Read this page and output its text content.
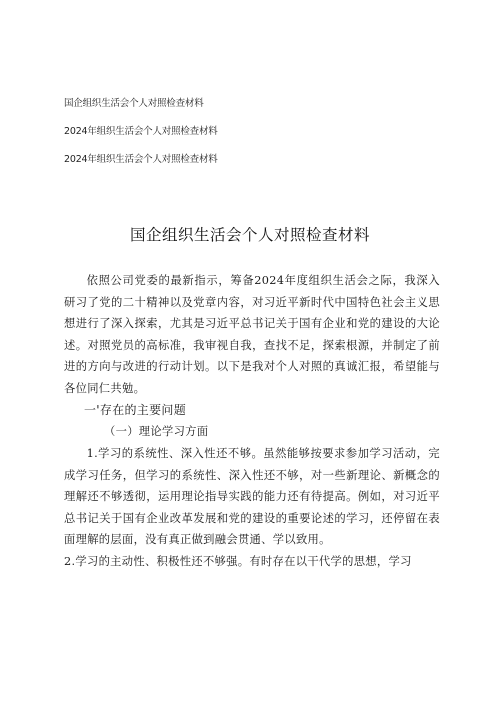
国企组织生活会个人对照检查材料
2024年组织生活会个人对照检查材料
2024年组织生活会个人对照检查材料
国企组织生活会个人对照检查材料

依照公司党委的最新指示，筹备2024年度组织生活会之际，我深入研习了党的二十精神以及党章内容，对习近平新时代中国特色社会主义思想进行了深入探索，尤其是习近平总书记关于国有企业和党的建设的大论述。对照党员的高标准，我审视自我，查找不足，探索根源，并制定了前进的方向与改进的行动计划。以下是我对个人对照的真诚汇报，希望能与各位同仁共勉。

一'存在的主要问题

（一）理论学习方面

1.学习的系统性、深入性还不够。虽然能够按要求参加学习活动，完成学习任务，但学习的系统性、深入性还不够，对一些新理论、新概念的理解还不够透彻，运用理论指导实践的能力还有待提高。例如，对习近平总书记关于国有企业改革发展和党的建设的重要论述的学习，还停留在表面理解的层面，没有真正做到融会贯通、学以致用。

2.学习的主动性、积极性还不够强。有时存在以干代学的思想，学习
